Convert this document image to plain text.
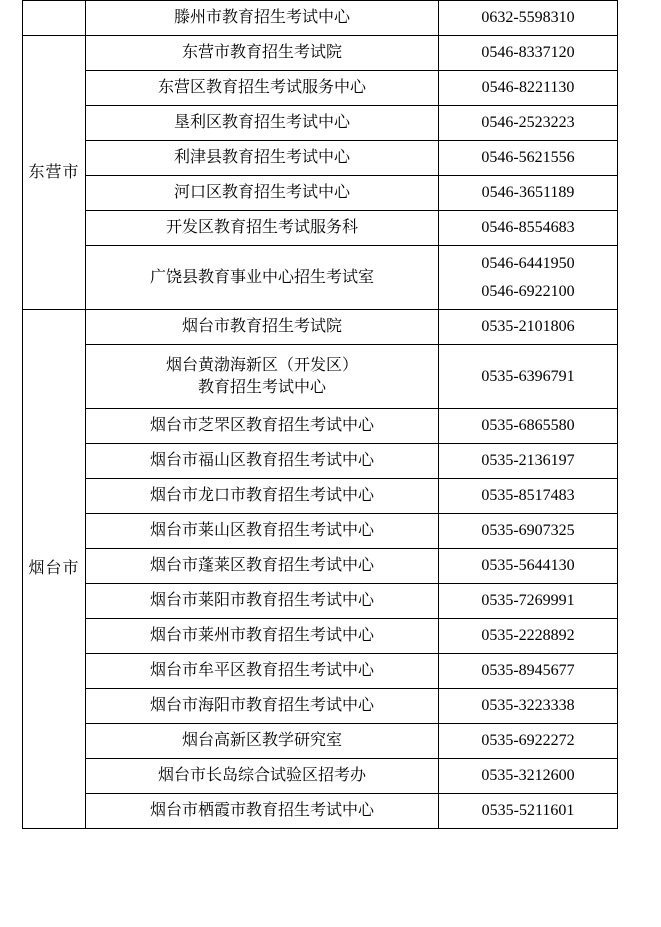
	滕州市教育招生考试中心	0632-5598310

东营市	东营市教育招生考试院	0546-8337120
	东营区教育招生考试服务中心	0546-8221130
	垦利区教育招生考试中心	0546-2523223
	利津县教育招生考试中心	0546-5621556
	河口区教育招生考试中心	0546-3651189
	开发区教育招生考试服务科	0546-8554683
	广饶县教育事业中心招生考试室	0546-6441950
0546-6922100

烟台市	烟台市教育招生考试院	0535-2101806

	烟台黄渤海新区（开发区）
教育招生考试中心	0535-6396791
	烟台市芝罘区教育招生考试中心	0535-6865580
	烟台市福山区教育招生考试中心	0535-2136197
	烟台市龙口市教育招生考试中心	0535-8517483
	烟台市莱山区教育招生考试中心	0535-6907325
	烟台市蓬莱区教育招生考试中心	0535-5644130
	烟台市莱阳市教育招生考试中心	0535-7269991
	烟台市莱州市教育招生考试中心	0535-2228892
	烟台市牟平区教育招生考试中心	0535-8945677
	烟台市海阳市教育招生考试中心	0535-3223338
	烟台高新区教学研究室	0535-6922272
	烟台市长岛综合试验区招考办	0535-3212600
	烟台市栖霞市教育招生考试中心	0535-5211601
